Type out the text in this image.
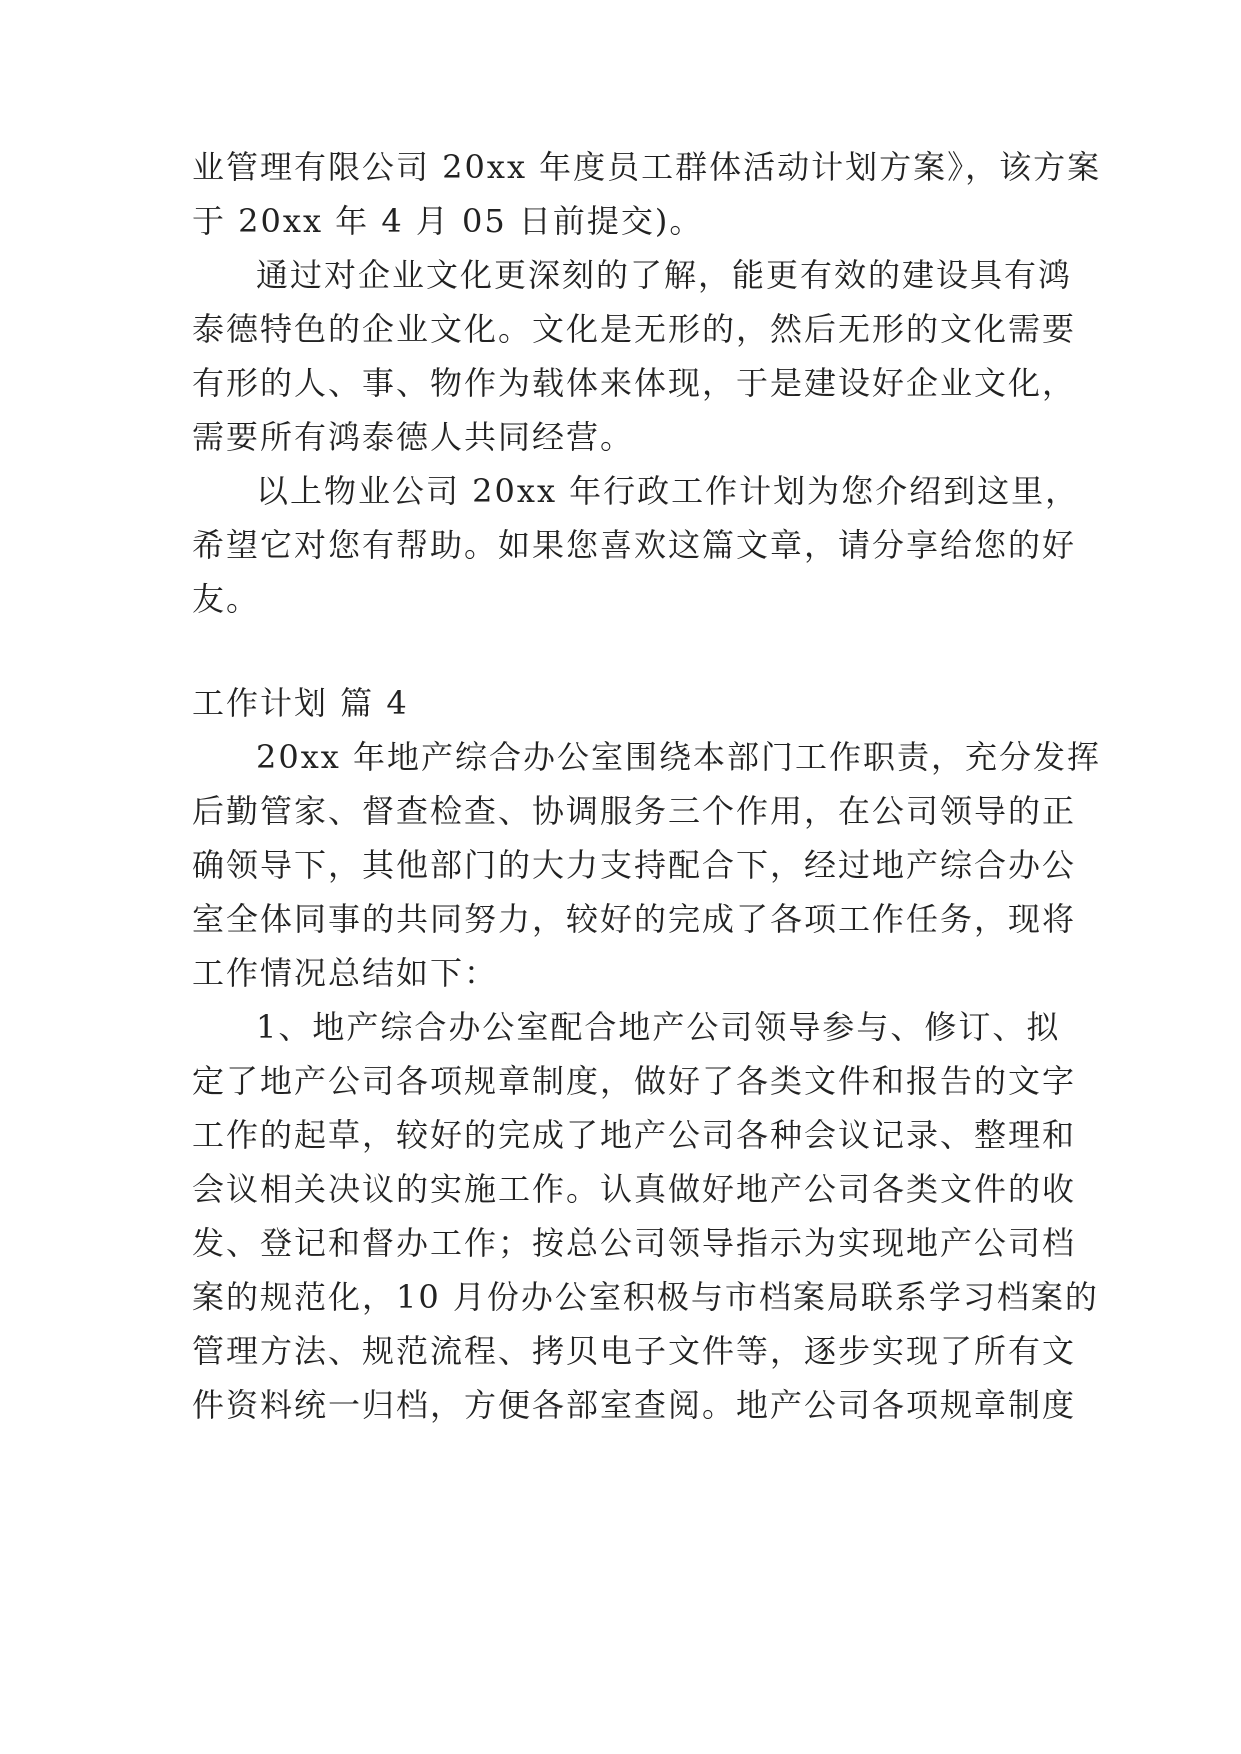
业管理有限公司 20xx 年度员工群体活动计划方案》，该方案
于 20xx 年 4 月 05 日前提交)。
通过对企业文化更深刻的了解，能更有效的建设具有鸿
泰德特色的企业文化。文化是无形的，然后无形的文化需要
有形的人、事、物作为载体来体现，于是建设好企业文化，
需要所有鸿泰德人共同经营。
以上物业公司 20xx 年行政工作计划为您介绍到这里，
希望它对您有帮助。如果您喜欢这篇文章，请分享给您的好
友。
工作计划 篇 4
20xx 年地产综合办公室围绕本部门工作职责，充分发挥
后勤管家、督查检查、协调服务三个作用，在公司领导的正
确领导下，其他部门的大力支持配合下，经过地产综合办公
室全体同事的共同努力，较好的完成了各项工作任务，现将
工作情况总结如下：
1、地产综合办公室配合地产公司领导参与、修订、拟
定了地产公司各项规章制度，做好了各类文件和报告的文字
工作的起草，较好的完成了地产公司各种会议记录、整理和
会议相关决议的实施工作。认真做好地产公司各类文件的收
发、登记和督办工作；按总公司领导指示为实现地产公司档
案的规范化，10 月份办公室积极与市档案局联系学习档案的
管理方法、规范流程、拷贝电子文件等，逐步实现了所有文
件资料统一归档，方便各部室查阅。地产公司各项规章制度
